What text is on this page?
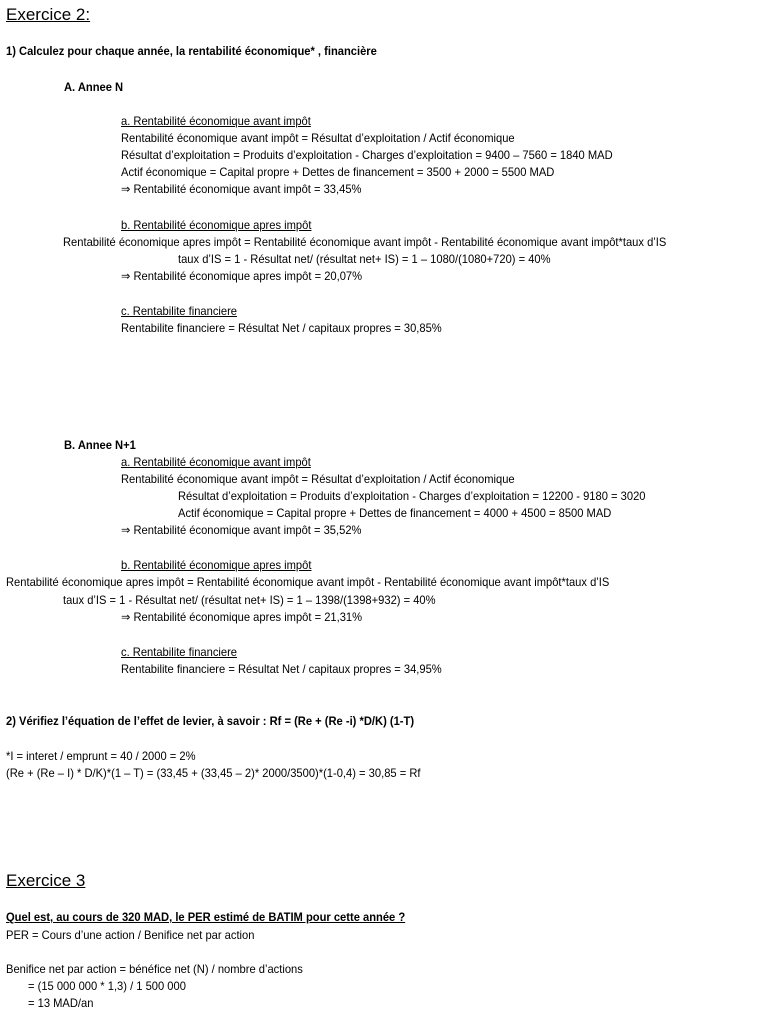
Exercice 2:
1) Calculez pour chaque année, la rentabilité économique* , financière
A. Annee N
a. Rentabilité économique avant impôt
Rentabilité économique avant impôt = Résultat d’exploitation / Actif économique
Résultat d’exploitation = Produits d’exploitation - Charges d’exploitation = 9400 – 7560 = 1840 MAD
Actif économique = Capital propre + Dettes de financement = 3500 + 2000 = 5500 MAD
⇒ Rentabilité économique avant impôt = 33,45%
b. Rentabilité économique apres impôt
Rentabilité économique apres impôt = Rentabilité économique avant impôt - Rentabilité économique avant impôt*taux d’IS
taux d’IS = 1 - Résultat net/ (résultat net+ IS) = 1 – 1080/(1080+720) = 40%
⇒ Rentabilité économique apres impôt = 20,07%
c. Rentabilite financiere
Rentabilite financiere = Résultat Net / capitaux propres = 30,85%
B. Annee N+1
a. Rentabilité économique avant impôt
Rentabilité économique avant impôt = Résultat d’exploitation / Actif économique
Résultat d’exploitation = Produits d’exploitation - Charges d’exploitation = 12200 - 9180 = 3020
Actif économique = Capital propre + Dettes de financement = 4000 + 4500 = 8500 MAD
⇒ Rentabilité économique avant impôt = 35,52%
b. Rentabilité économique apres impôt
Rentabilité économique apres impôt = Rentabilité économique avant impôt - Rentabilité économique avant impôt*taux d’IS
taux d’IS = 1 - Résultat net/ (résultat net+ IS) = 1 – 1398/(1398+932) = 40%
⇒ Rentabilité économique apres impôt = 21,31%
c. Rentabilite financiere
Rentabilite financiere = Résultat Net / capitaux propres = 34,95%
2) Vérifiez l’équation de l’effet de levier, à savoir : Rf = (Re + (Re -i) *D/K) (1-T)
*I = interet / emprunt = 40 / 2000 = 2%
(Re + (Re – I) * D/K)*(1 – T) = (33,45 + (33,45 – 2)* 2000/3500)*(1-0,4) = 30,85 = Rf
Exercice 3
Quel est, au cours de 320 MAD, le PER estimé de BATIM pour cette année ?
PER = Cours d’une action / Benifice net par action
Benifice net par action = bénéfice net (N) / nombre d’actions
= (15 000 000 * 1,3) / 1 500 000
= 13 MAD/an
